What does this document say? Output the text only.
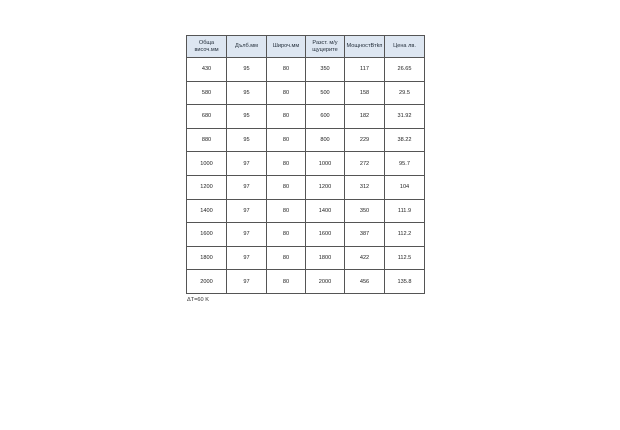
Обща височ.мм	Дълб.мм	Широч.мм	Разст. м/у щуцерите	МощностВтkп	Цена лв.
430	95	80	350	117	26.65
580	95	80	500	158	29.5
680	95	80	600	182	31.92
880	95	80	800	229	38.22
1000	97	80	1000	272	95.7
1200	97	80	1200	312	104
1400	97	80	1400	350	111.9
1600	97	80	1600	387	112.2
1800	97	80	1800	422	112.5
2000	97	80	2000	456	135.8
ΔT=60 K
